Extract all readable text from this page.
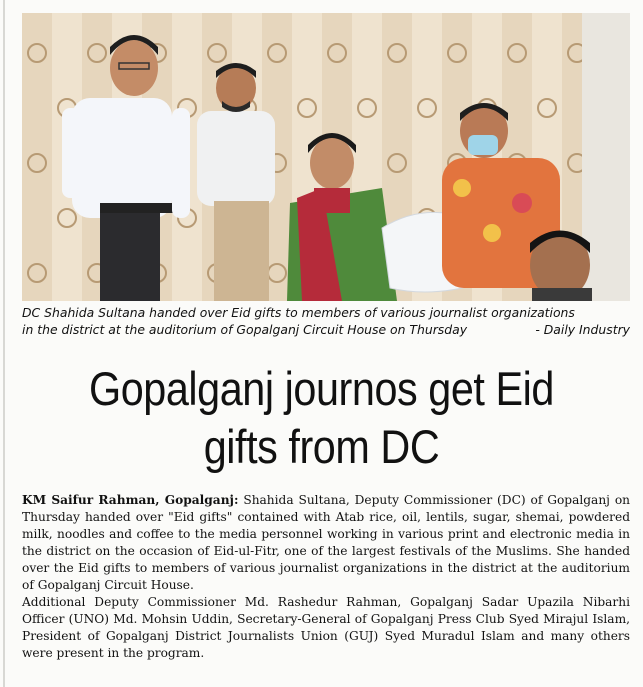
DC Shahida Sultana handed over Eid gifts to members of various journalist organizations
in the district at the auditorium of Gopalganj Circuit House on Thursday	- Daily Industry
Gopalganj journos get Eid
gifts from DC

KM Saifur Rahman, Gopalganj: Shahida Sultana, Deputy Commissioner (DC) of Gopalganj on Thursday handed over "Eid gifts" contained with Atab rice, oil, lentils, sugar, shemai, powdered milk, noodles and coffee to the media personnel working in various print and electronic media in the district on the occasion of Eid-ul-Fitr, one of the largest festivals of the Muslims. She handed over the Eid gifts to members of various journalist organizations in the district at the auditorium of Gopalganj Circuit House.

Additional Deputy Commissioner Md. Rashedur Rahman, Gopalganj Sadar Upazila Nibarhi Officer (UNO) Md. Mohsin Uddin, Secretary-General of Gopalganj Press Club Syed Mirajul Islam, President of Gopalganj District Journalists Union (GUJ) Syed Muradul Islam and many others were present in the program.
